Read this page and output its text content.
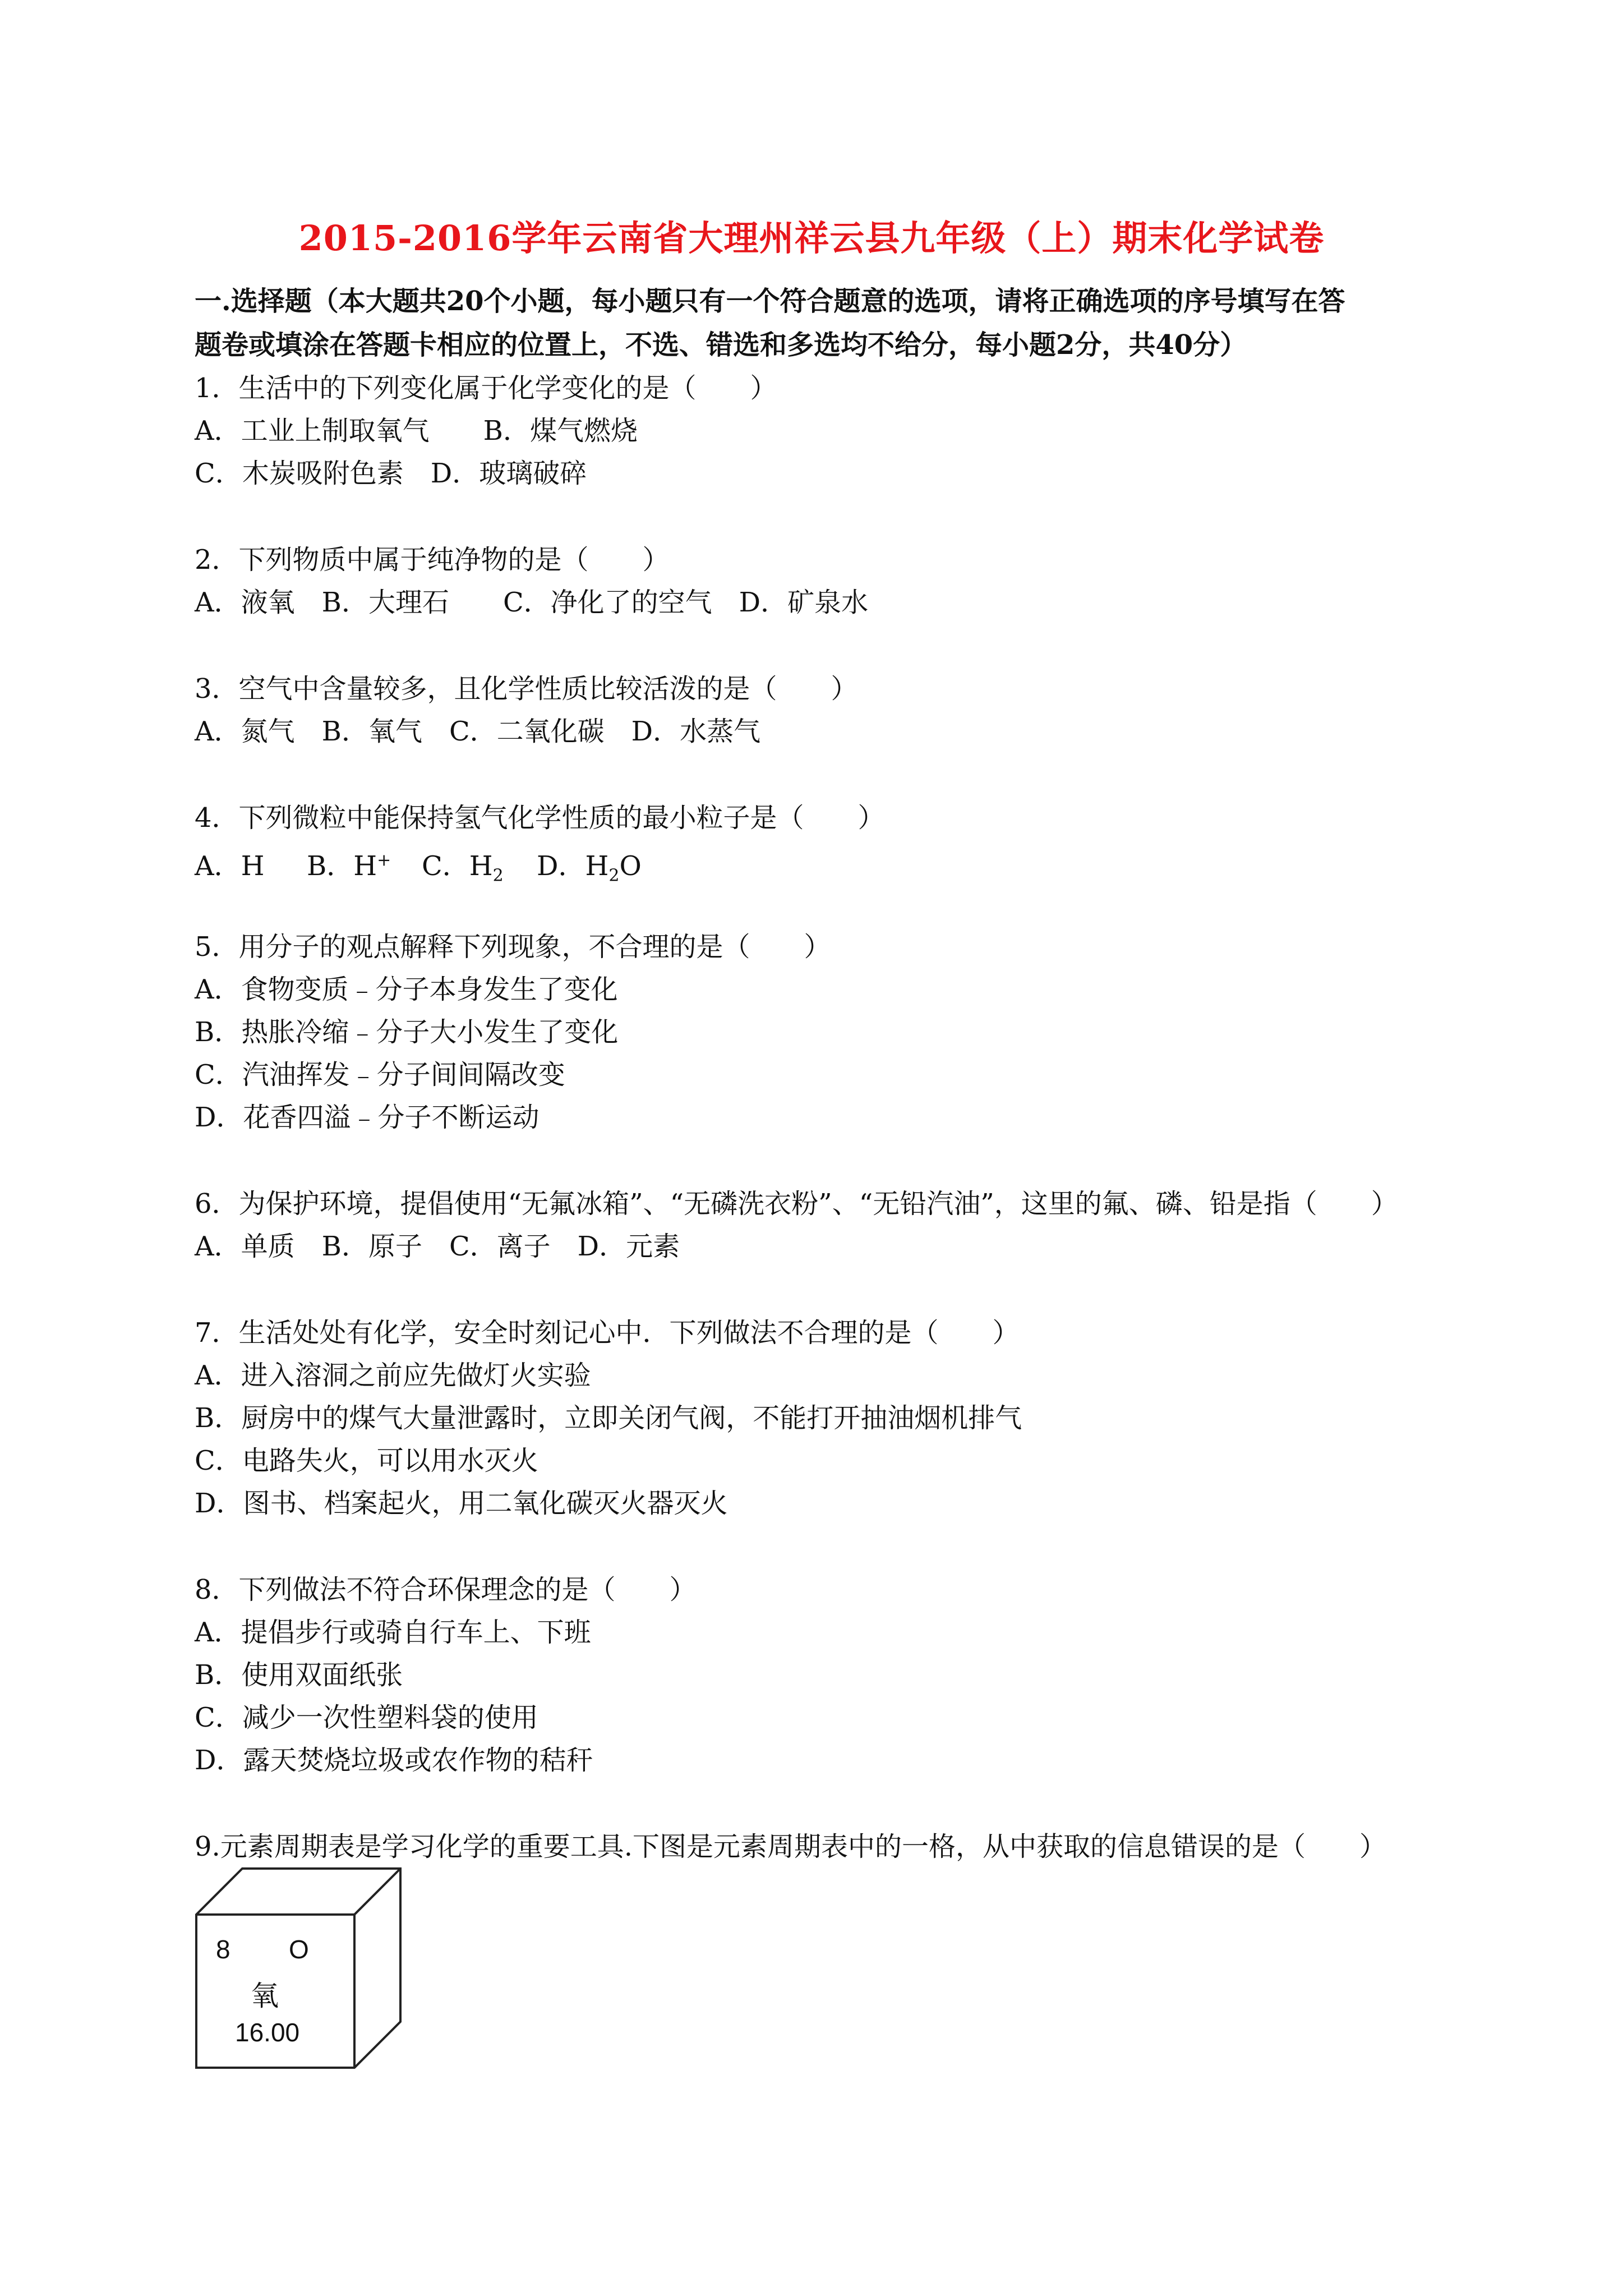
2015-2016学年云南省大理州祥云县九年级（上）期末化学试卷
一.选择题（本大题共20个小题，每小题只有一个符合题意的选项，请将正确选项的序号填写在答
题卷或填涂在答题卡相应的位置上，不选、错选和多选均不给分，每小题2分，共40分）
1．生活中的下列变化属于化学变化的是（　　）
A．工业上制取氧气　　B．煤气燃烧
C．木炭吸附色素　D．玻璃破碎
2．下列物质中属于纯净物的是（　　）
A．液氧　B．大理石　　C．净化了的空气　D．矿泉水
3．空气中含量较多，且化学性质比较活泼的是（　　）
A．氮气　B．氧气　C．二氧化碳　D．水蒸气
4．下列微粒中能保持氢气化学性质的最小粒子是（　　）
A．H B．H+ C．$H_2$ D．$H_2O$
5．用分子的观点解释下列现象，不合理的是（　　）
A．食物变质﹣分子本身发生了变化
B．热胀冷缩﹣分子大小发生了变化
C．汽油挥发﹣分子间间隔改变
D．花香四溢﹣分子不断运动
6．为保护环境，提倡使用“无氟冰箱”、“无磷洗衣粉”、“无铅汽油”，这里的氟、磷、铅是指（　　）
A．单质　B．原子　C．离子　D．元素
7．生活处处有化学，安全时刻记心中．下列做法不合理的是（　　）
A．进入溶洞之前应先做灯火实验
B．厨房中的煤气大量泄露时，立即关闭气阀，不能打开抽油烟机排气
C．电路失火，可以用水灭火
D．图书、档案起火，用二氧化碳灭火器灭火
8．下列做法不符合环保理念的是（　　）
A．提倡步行或骑自行车上、下班
B．使用双面纸张
C．减少一次性塑料袋的使用
D．露天焚烧垃圾或农作物的秸秆
9.元素周期表是学习化学的重要工具.下图是元素周期表中的一格，从中获取的信息错误的是（　　）
8 O
氧
16.00
